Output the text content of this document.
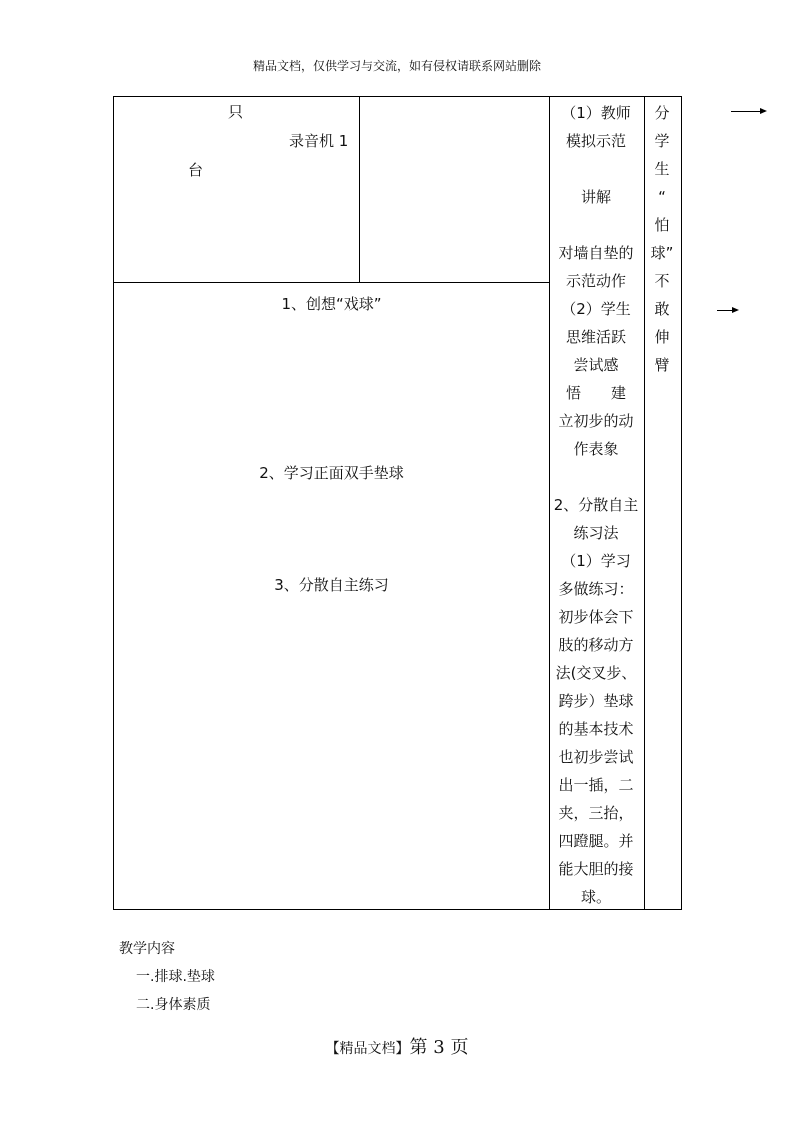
精品文档，仅供学习与交流，如有侵权请联系网站删除
只
录音机 1
台
1、创想“戏球”
2、学习正面双手垫球
3、分散自主练习
（1）教师
模拟示范

讲解

对墙自垫的
示范动作
（2）学生
思维活跃
尝试感
悟　　建
立初步的动
作表象

2、分散自主
练习法
（1）学习
多做练习：
初步体会下
肢的移动方
法(交叉步、
跨步）垫球
的基本技术
也初步尝试
出一插，二
夹，三抬，
四蹬腿。并
能大胆的接
球。
分
学
生
“
怕
球”
不
敢
伸
臂
教学内容
一.排球.垫球
二.身体素质
【精品文档】第 3 页
